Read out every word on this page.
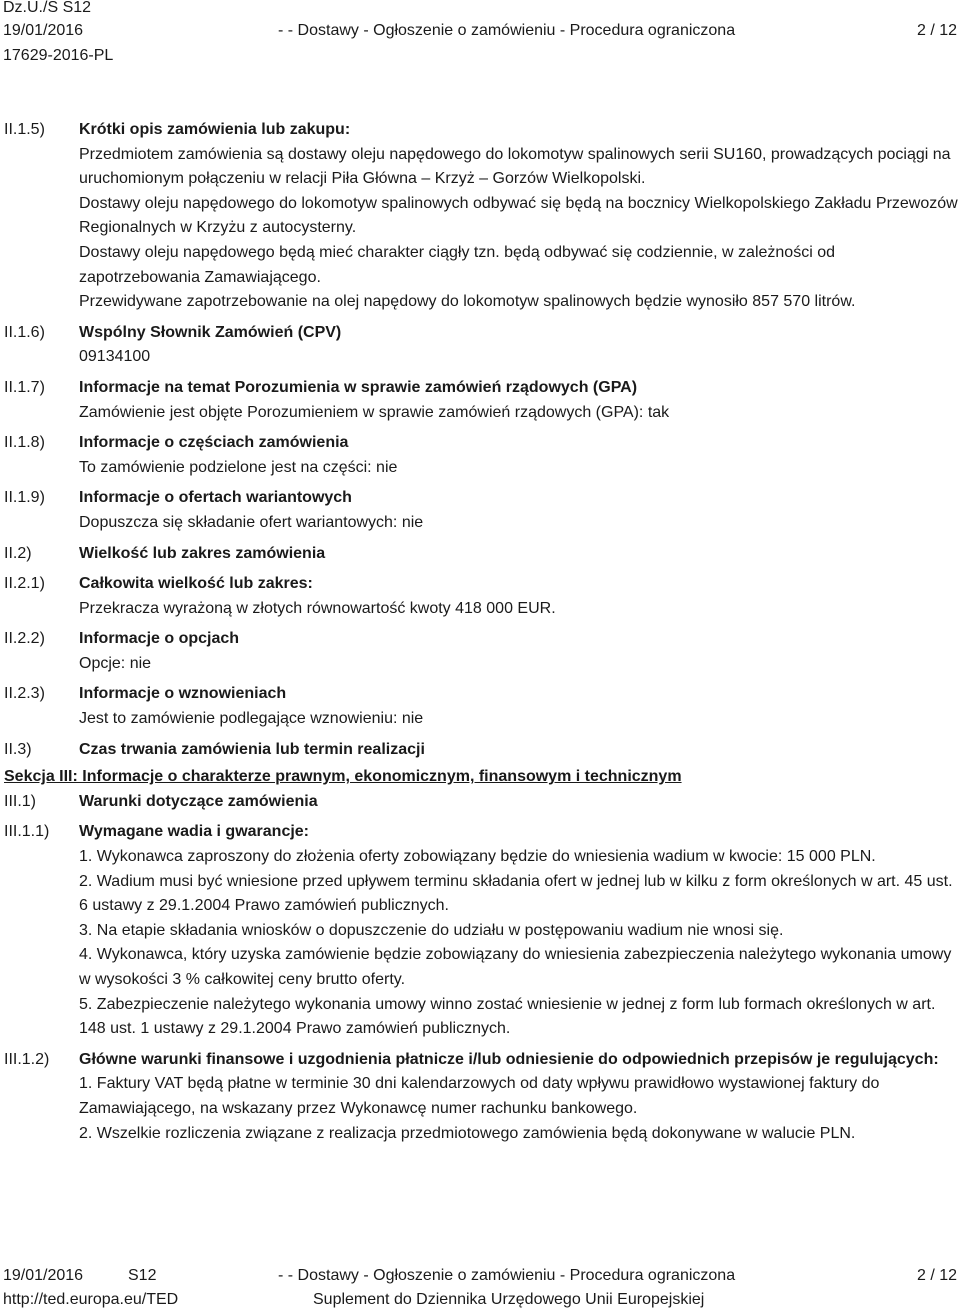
Dz.U./S S12
19/01/2016
17629-2016-PL
- - Dostawy - Ogłoszenie o zamówieniu - Procedura ograniczona	2 / 12
II.1.5)	Krótki opis zamówienia lub zakupu:
Przedmiotem zamówienia są dostawy oleju napędowego do lokomotyw spalinowych serii SU160, prowadzących pociągi na uruchomionym połączeniu w relacji Piła Główna – Krzyż – Gorzów Wielkopolski.
Dostawy oleju napędowego do lokomotyw spalinowych odbywać się będą na bocznicy Wielkopolskiego Zakładu Przewozów Regionalnych w Krzyżu z autocysterny.
Dostawy oleju napędowego będą mieć charakter ciągły tzn. będą odbywać się codziennie, w zależności od zapotrzebowania Zamawiającego.
Przewidywane zapotrzebowanie na olej napędowy do lokomotyw spalinowych będzie wynosiło 857 570 litrów.
II.1.6)	Wspólny Słownik Zamówień (CPV)
09134100
II.1.7)	Informacje na temat Porozumienia w sprawie zamówień rządowych (GPA)
Zamówienie jest objęte Porozumieniem w sprawie zamówień rządowych (GPA): tak
II.1.8)	Informacje o częściach zamówienia
To zamówienie podzielone jest na części: nie
II.1.9)	Informacje o ofertach wariantowych
Dopuszcza się składanie ofert wariantowych: nie
II.2)	Wielkość lub zakres zamówienia
II.2.1)	Całkowita wielkość lub zakres:
Przekracza wyrażoną w złotych równowartość kwoty 418 000 EUR.
II.2.2)	Informacje o opcjach
Opcje: nie
II.2.3)	Informacje o wznowieniach
Jest to zamówienie podlegające wznowieniu: nie
II.3)	Czas trwania zamówienia lub termin realizacji
Sekcja III: Informacje o charakterze prawnym, ekonomicznym, finansowym i technicznym
III.1)	Warunki dotyczące zamówienia
III.1.1)	Wymagane wadia i gwarancje:
1. Wykonawca zaproszony do złożenia oferty zobowiązany będzie do wniesienia wadium w kwocie: 15 000 PLN.
2. Wadium musi być wniesione przed upływem terminu składania ofert w jednej lub w kilku z form określonych w art. 45 ust. 6 ustawy z 29.1.2004 Prawo zamówień publicznych.
3. Na etapie składania wniosków o dopuszczenie do udziału w postępowaniu wadium nie wnosi się.
4. Wykonawca, który uzyska zamówienie będzie zobowiązany do wniesienia zabezpieczenia należytego wykonania umowy w wysokości 3 % całkowitej ceny brutto oferty.
5. Zabezpieczenie należytego wykonania umowy winno zostać wniesienie w jednej z form lub formach określonych w art. 148 ust. 1 ustawy z 29.1.2004 Prawo zamówień publicznych.
III.1.2)	Główne warunki finansowe i uzgodnienia płatnicze i/lub odniesienie do odpowiednich przepisów je regulujących:
1. Faktury VAT będą płatne w terminie 30 dni kalendarzowych od daty wpływu prawidłowo wystawionej faktury do Zamawiającego, na wskazany przez Wykonawcę numer rachunku bankowego.
2. Wszelkie rozliczenia związane z realizacja przedmiotowego zamówienia będą dokonywane w walucie PLN.
19/01/2016	S12
http://ted.europa.eu/TED
- - Dostawy - Ogłoszenie o zamówieniu - Procedura ograniczona
Suplement do Dziennika Urzędowego Unii Europejskiej
2 / 12
